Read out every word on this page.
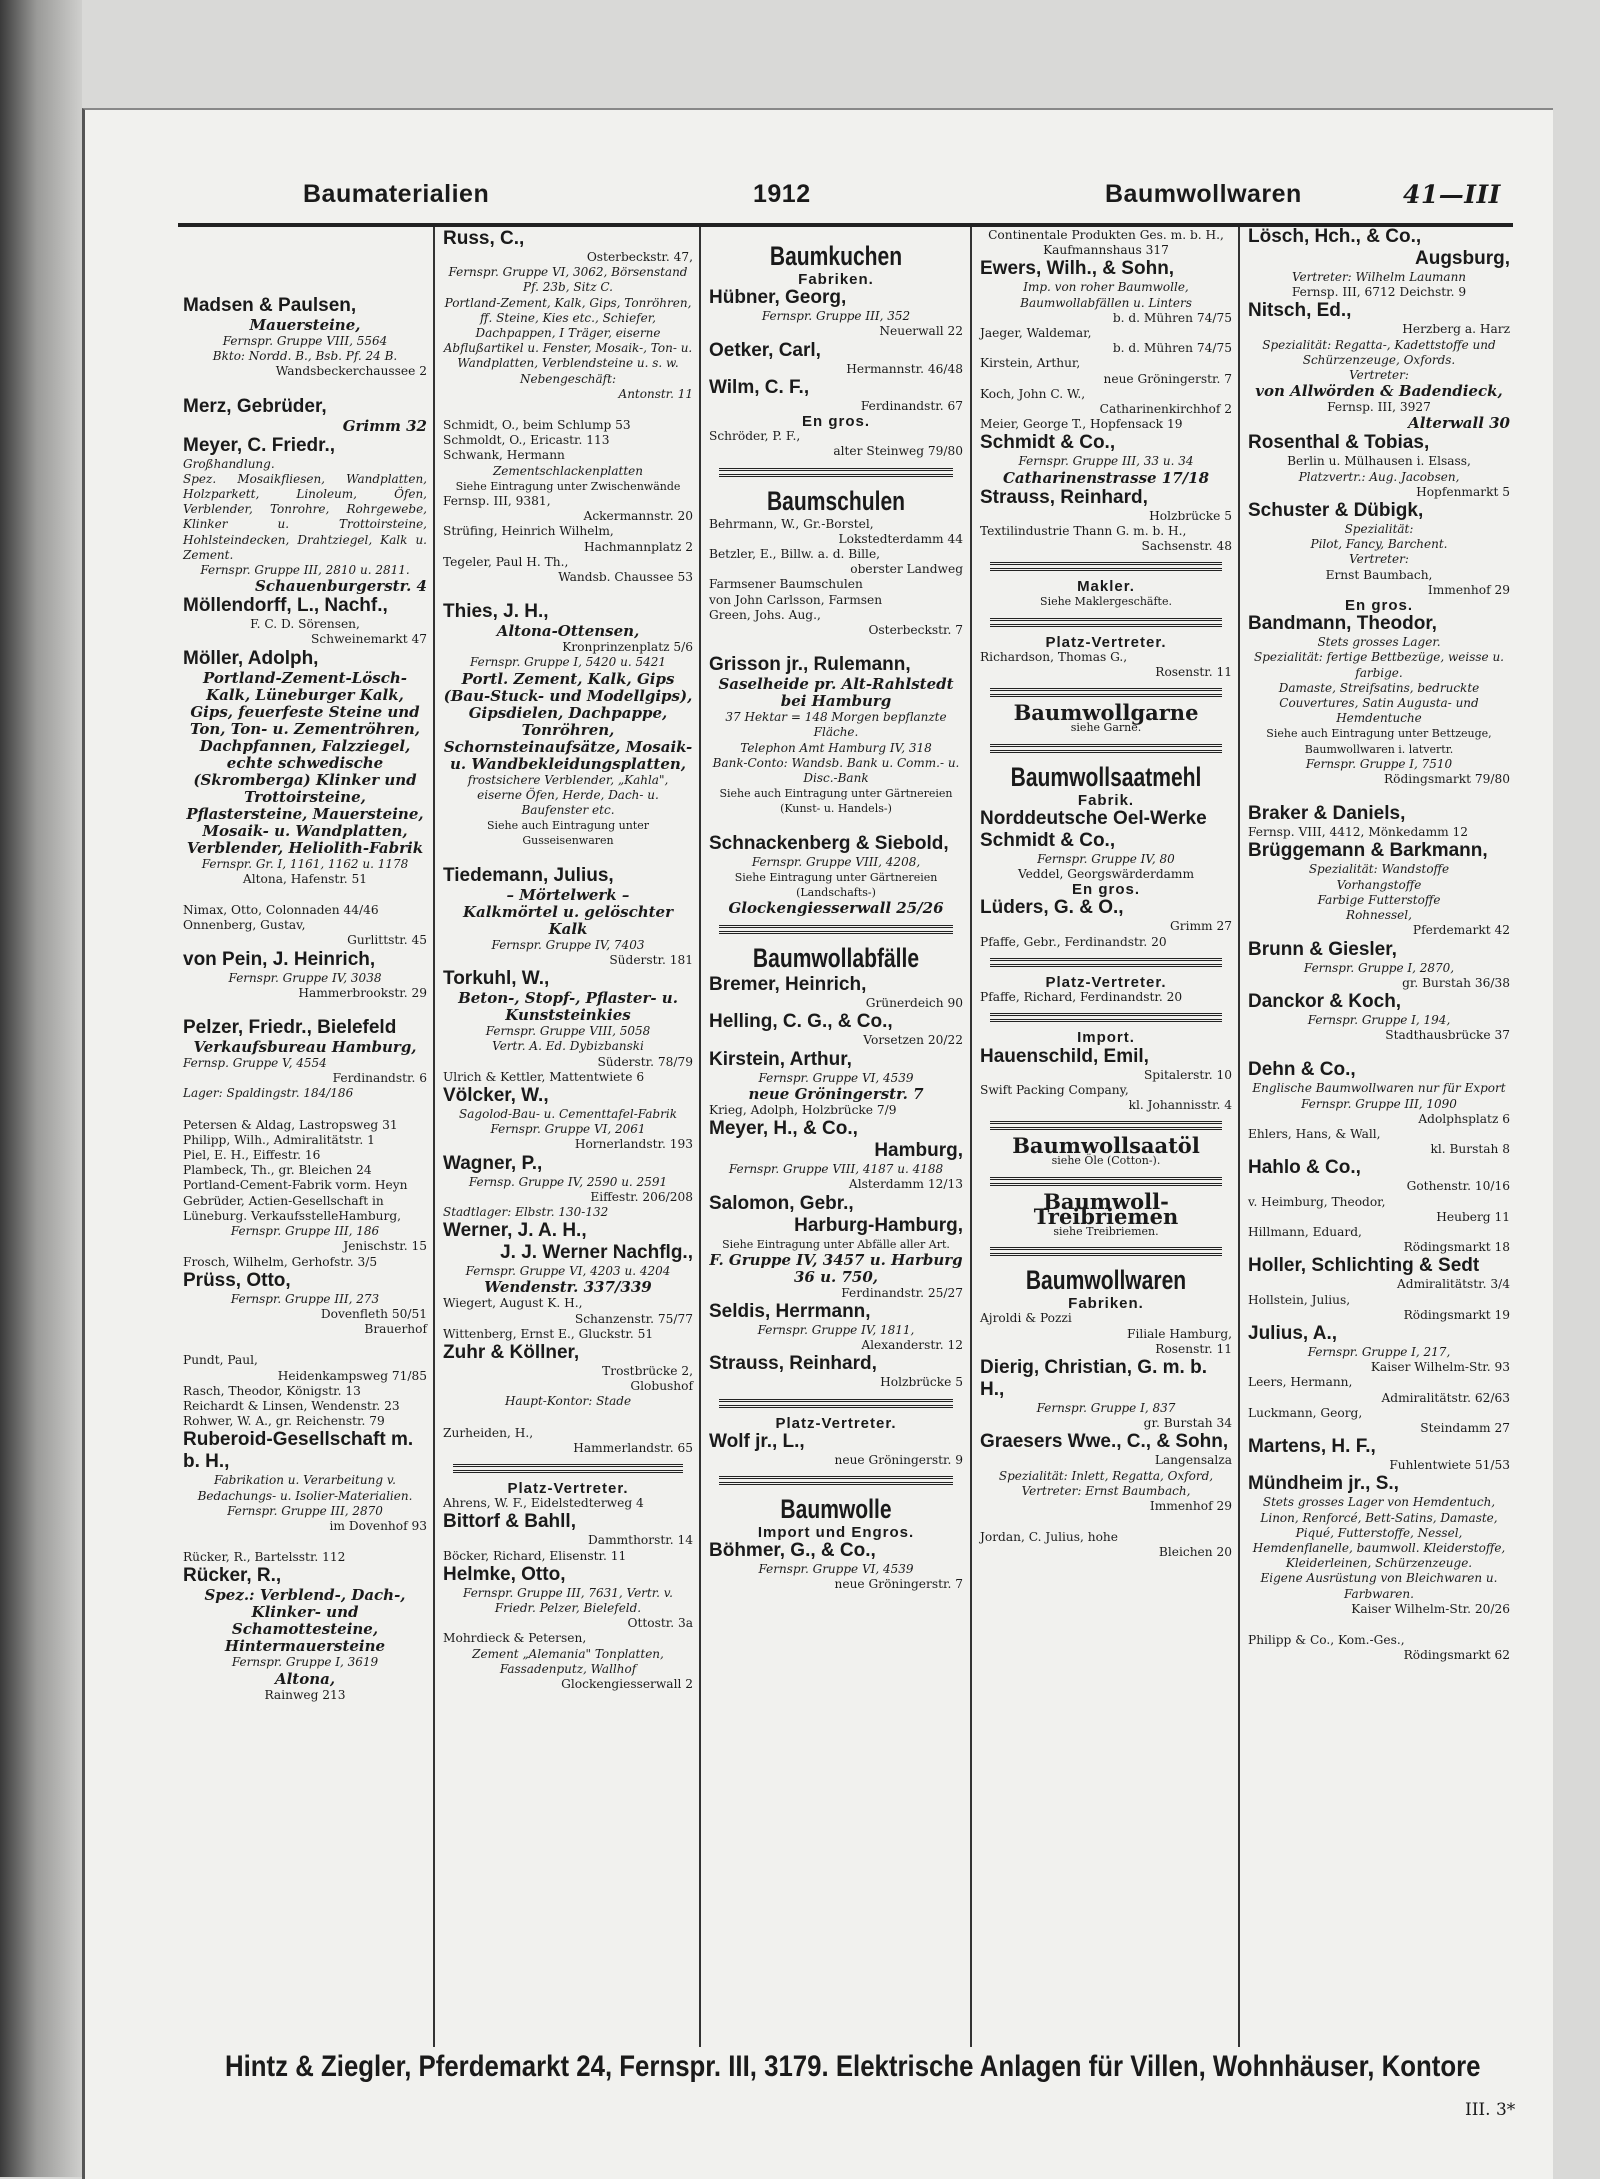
Baumaterialien	1912	Baumwollwaren	41—III
Madsen & Paulsen,
Mauersteine,
Fernspr. Gruppe VIII, 5564
Bkto: Nordd. B., Bsb. Pf. 24 B.
Wandsbeckerchaussee 2
Merz, Gebrüder,
Grimm 32
Meyer, C. Friedr.,
Großhandlung.
Spez. Mosaikfliesen, Wandplatten, Holzparkett, Linoleum, Öfen, Verblender, Tonrohre, Rohrgewebe, Klinker u. Trottoirsteine, Hohlsteindecken, Drahtziegel, Kalk u. Zement.
Fernspr. Gruppe III, 2810 u. 2811.
Schauenburgerstr. 4
Möllendorff, L., Nachf.,
F. C. D. Sörensen,
Schweinemarkt 47
Möller, Adolph,
Portland-Zement-Lösch-Kalk, Lüneburger Kalk, Gips, feuerfeste Steine und Ton, Ton- u. Zementröhren, Dachpfannen, Falzziegel, echte schwedische (Skromberga) Klinker und Trottoirsteine, Pflastersteine, Mauersteine, Mosaik- u. Wandplatten, Verblender, Heliolith-Fabrik
Fernspr. Gr. I, 1161, 1162 u. 1178
Altona, Hafenstr. 51
Nimax, Otto, Colonnaden 44/46
Onnenberg, Gustav,
Gurlittstr. 45
von Pein, J. Heinrich,
Fernspr. Gruppe IV, 3038
Hammerbrookstr. 29
Pelzer, Friedr., Bielefeld
Verkaufsbureau Hamburg,
Fernsp. Gruppe V, 4554
Ferdinandstr. 6
Lager: Spaldingstr. 184/186
Petersen & Aldag, Lastropsweg 31
Philipp, Wilh., Admiralitätstr. 1
Piel, E. H., Eiffestr. 16
Plambeck, Th., gr. Bleichen 24
Portland-Cement-Fabrik vorm. Heyn Gebrüder, Actien-Gesellschaft in Lüneburg. VerkaufsstelleHamburg,
Fernspr. Gruppe III, 186
Jenischstr. 15
Frosch, Wilhelm, Gerhofstr. 3/5
Prüss, Otto,
Fernspr. Gruppe III, 273
Dovenfleth 50/51
Brauerhof
Pundt, Paul,
Heidenkampsweg 71/85
Rasch, Theodor, Königstr. 13
Reichardt & Linsen, Wendenstr. 23
Rohwer, W. A., gr. Reichenstr. 79
Ruberoid-Gesellschaft m. b. H.,
Fabrikation u. Verarbeitung v. Bedachungs- u. Isolier-Materialien.
Fernspr. Gruppe III, 2870
im Dovenhof 93
Rücker, R., Bartelsstr. 112
Rücker, R.,
Spez.: Verblend-, Dach-, Klinker- und Schamottesteine, Hintermauersteine
Fernspr. Gruppe I, 3619
Altona,
Rainweg 213
Russ, C.,
Osterbeckstr. 47,
Fernspr. Gruppe VI, 3062, Börsenstand Pf. 23b, Sitz C.
Portland-Zement, Kalk, Gips, Tonröhren, ff. Steine, Kies etc., Schiefer, Dachpappen, I Träger, eiserne Abflußartikel u. Fenster, Mosaik-, Ton- u. Wandplatten, Verblendsteine u. s. w.
Nebengeschäft:
Antonstr. 11
Schmidt, O., beim Schlump 53
Schmoldt, O., Ericastr. 113
Schwank, Hermann
Zementschlackenplatten
Siehe Eintragung unter Zwischenwände
Fernsp. III, 9381,
Ackermannstr. 20
Strüfing, Heinrich Wilhelm,
Hachmannplatz 2
Tegeler, Paul H. Th.,
Wandsb. Chaussee 53
Thies, J. H.,
Altona-Ottensen,
Kronprinzenplatz 5/6
Fernspr. Gruppe I, 5420 u. 5421
Portl. Zement, Kalk, Gips (Bau-Stuck- und Modellgips), Gipsdielen, Dachpappe, Tonröhren, Schornsteinaufsätze, Mosaik- u. Wandbekleidungsplatten,
frostsichere Verblender, „Kahla",
eiserne Öfen, Herde, Dach- u. Baufenster etc.
Siehe auch Eintragung unter Gusseisenwaren
Tiedemann, Julius,
– Mörtelwerk –
Kalkmörtel u. gelöschter Kalk
Fernspr. Gruppe IV, 7403
Süderstr. 181
Torkuhl, W.,
Beton-, Stopf-, Pflaster- u. Kunststeinkies
Fernspr. Gruppe VIII, 5058
Vertr. A. Ed. Dybizbanski
Süderstr. 78/79
Ulrich & Kettler, Mattentwiete 6
Völcker, W.,
Sagolod-Bau- u. Cementtafel-Fabrik
Fernspr. Gruppe VI, 2061
Hornerlandstr. 193
Wagner, P.,
Fernsp. Gruppe IV, 2590 u. 2591
Eiffestr. 206/208
Stadtlager: Elbstr. 130-132
Werner, J. A. H.,
J. J. Werner Nachflg.,
Fernspr. Gruppe VI, 4203 u. 4204
Wendenstr. 337/339
Wiegert, August K. H.,
Schanzenstr. 75/77
Wittenberg, Ernst E., Gluckstr. 51
Zuhr & Köllner,
Trostbrücke 2,
Globushof
Haupt-Kontor: Stade
Zurheiden, H.,
Hammerlandstr. 65
Platz-Vertreter.
Ahrens, W. F., Eidelstedterweg 4
Bittorf & Bahll,
Dammthorstr. 14
Böcker, Richard, Elisenstr. 11
Helmke, Otto,
Fernspr. Gruppe III, 7631, Vertr. v. Friedr. Pelzer, Bielefeld.
Ottostr. 3a
Mohrdieck & Petersen,
Zement „Alemania" Tonplatten, Fassadenputz, Wallhof
Glockengiesserwall 2
Baumkuchen
Fabriken.
Hübner, Georg,
Fernspr. Gruppe III, 352
Neuerwall 22
Oetker, Carl,
Hermannstr. 46/48
Wilm, C. F.,
Ferdinandstr. 67
En gros.
Schröder, P. F.,
alter Steinweg 79/80
Baumschulen
Behrmann, W., Gr.-Borstel,
Lokstedterdamm 44
Betzler, E., Billw. a. d. Bille,
oberster Landweg
Farmsener Baumschulen
von John Carlsson, Farmsen
Green, Johs. Aug.,
Osterbeckstr. 7
Grisson jr., Rulemann,
Saselheide pr. Alt-Rahlstedt bei Hamburg
37 Hektar = 148 Morgen bepflanzte Fläche.
Telephon Amt Hamburg IV, 318
Bank-Conto: Wandsb. Bank u. Comm.- u. Disc.-Bank
Siehe auch Eintragung unter Gärtnereien (Kunst- u. Handels-)
Schnackenberg & Siebold,
Fernspr. Gruppe VIII, 4208,
Siehe Eintragung unter Gärtnereien (Landschafts-)
Glockengiesserwall 25/26
Baumwollabfälle
Bremer, Heinrich,
Grünerdeich 90
Helling, C. G., & Co.,
Vorsetzen 20/22
Kirstein, Arthur,
Fernspr. Gruppe VI, 4539
neue Gröningerstr. 7
Krieg, Adolph, Holzbrücke 7/9
Meyer, H., & Co.,
Hamburg,
Fernspr. Gruppe VIII, 4187 u. 4188
Alsterdamm 12/13
Salomon, Gebr.,
Harburg-Hamburg,
Siehe Eintragung unter Abfälle aller Art.
F. Gruppe IV, 3457 u. Harburg 36 u. 750,
Ferdinandstr. 25/27
Seldis, Herrmann,
Fernspr. Gruppe IV, 1811,
Alexanderstr. 12
Strauss, Reinhard,
Holzbrücke 5
Platz-Vertreter.
Wolf jr., L.,
neue Gröningerstr. 9
Baumwolle
Import und Engros.
Böhmer, G., & Co.,
Fernspr. Gruppe VI, 4539
neue Gröningerstr. 7
Continentale Produkten Ges. m. b. H., Kaufmannshaus 317
Ewers, Wilh., & Sohn,
Imp. von roher Baumwolle, Baumwollabfällen u. Linters
b. d. Mühren 74/75
Jaeger, Waldemar,
b. d. Mühren 74/75
Kirstein, Arthur,
neue Gröningerstr. 7
Koch, John C. W.,
Catharinenkirchhof 2
Meier, George T., Hopfensack 19
Schmidt & Co.,
Fernspr. Gruppe III, 33 u. 34
Catharinenstrasse 17/18
Strauss, Reinhard,
Holzbrücke 5
Textilindustrie Thann G. m. b. H.,
Sachsenstr. 48
Makler.
Siehe Maklergeschäfte.
Platz-Vertreter.
Richardson, Thomas G.,
Rosenstr. 11
Baumwollgarne
siehe Garne.
Baumwollsaatmehl
Fabrik.
Norddeutsche Oel-Werke Schmidt & Co.,
Fernspr. Gruppe IV, 80
Veddel, Georgswärderdamm
En gros.
Lüders, G. & O.,
Grimm 27
Pfaffe, Gebr., Ferdinandstr. 20
Platz-Vertreter.
Pfaffe, Richard, Ferdinandstr. 20
Import.
Hauenschild, Emil,
Spitalerstr. 10
Swift Packing Company,
kl. Johannisstr. 4
Baumwollsaatöl
siehe Öle (Cotton-).
Baumwoll-Treibriemen
siehe Treibriemen.
Baumwollwaren
Fabriken.
Ajroldi & Pozzi
Filiale Hamburg,
Rosenstr. 11
Dierig, Christian, G. m. b. H.,
Fernspr. Gruppe I, 837
gr. Burstah 34
Graesers Wwe., C., & Sohn,
Langensalza
Spezialität: Inlett, Regatta, Oxford,
Vertreter: Ernst Baumbach,
Immenhof 29
Jordan, C. Julius, hohe
Bleichen 20
Lösch, Hch., & Co.,
Augsburg,
Vertreter: Wilhelm Laumann
Fernsp. III, 6712 Deichstr. 9
Nitsch, Ed.,
Herzberg a. Harz
Spezialität: Regatta-, Kadettstoffe und Schürzenzeuge, Oxfords.
Vertreter:
von Allwörden & Badendieck,
Fernsp. III, 3927
Alterwall 30
Rosenthal & Tobias,
Berlin u. Mülhausen i. Elsass,
Platzvertr.: Aug. Jacobsen,
Hopfenmarkt 5
Schuster & Dübigk,
Spezialität:
Pilot, Fancy, Barchent.
Vertreter:
Ernst Baumbach,
Immenhof 29
En gros.
Bandmann, Theodor,
Stets grosses Lager.
Spezialität: fertige Bettbezüge, weisse u. farbige.
Damaste, Streifsatins, bedruckte Couvertures, Satin Augusta- und Hemdentuche
Siehe auch Eintragung unter Bettzeuge, Baumwollwaren i. latvertr.
Fernspr. Gruppe I, 7510
Rödingsmarkt 79/80
Braker & Daniels,
Fernsp. VIII, 4412, Mönkedamm 12
Brüggemann & Barkmann,
Spezialität: Wandstoffe
Vorhangstoffe
Farbige Futterstoffe
Rohnessel,
Pferdemarkt 42
Brunn & Giesler,
Fernspr. Gruppe I, 2870,
gr. Burstah 36/38
Danckor & Koch,
Fernspr. Gruppe I, 194,
Stadthausbrücke 37
Dehn & Co.,
Englische Baumwollwaren nur für Export
Fernspr. Gruppe III, 1090
Adolphsplatz 6
Ehlers, Hans, & Wall,
kl. Burstah 8
Hahlo & Co.,
Gothenstr. 10/16
v. Heimburg, Theodor,
Heuberg 11
Hillmann, Eduard,
Rödingsmarkt 18
Holler, Schlichting & Sedt
Admiralitätstr. 3/4
Hollstein, Julius,
Rödingsmarkt 19
Julius, A.,
Fernspr. Gruppe I, 217,
Kaiser Wilhelm-Str. 93
Leers, Hermann,
Admiralitätstr. 62/63
Luckmann, Georg,
Steindamm 27
Martens, H. F.,
Fuhlentwiete 51/53
Mündheim jr., S.,
Stets grosses Lager von Hemdentuch, Linon, Renforcé, Bett-Satins, Damaste, Piqué, Futterstoffe, Nessel, Hemdenflanelle, baumwoll. Kleiderstoffe, Kleiderleinen, Schürzenzeuge.
Eigene Ausrüstung von Bleichwaren u. Farbwaren.
Kaiser Wilhelm-Str. 20/26
Philipp & Co., Kom.-Ges.,
Rödingsmarkt 62
Hintz & Ziegler, Pferdemarkt 24, Fernspr. III, 3179. Elektrische Anlagen für Villen, Wohnhäuser, Kontore
III. 3*
